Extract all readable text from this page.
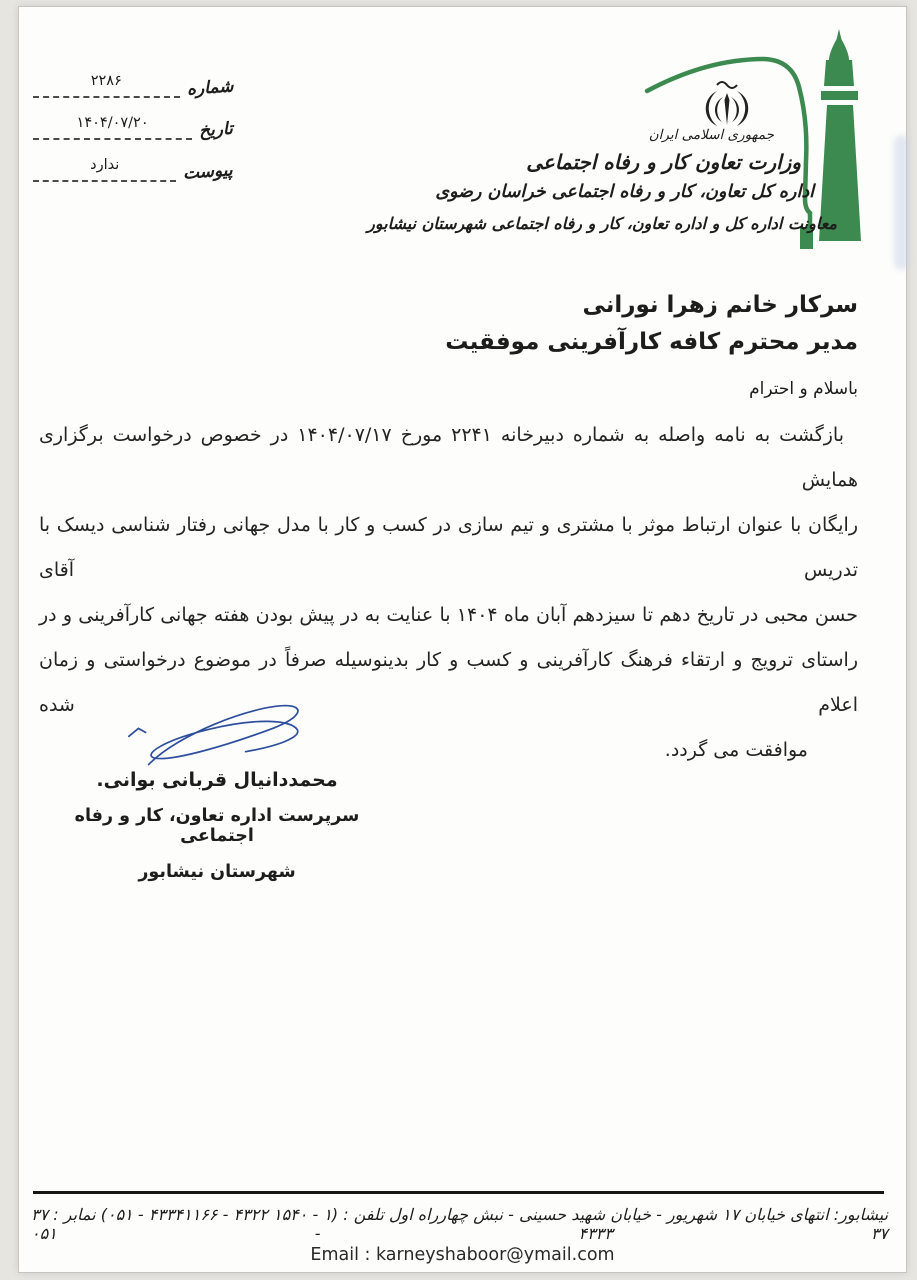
شماره
۲۲۸۶
تاریخ
۱۴۰۴/۰۷/۲۰
پیوست
ندارد
جمهوری اسلامی ایران
وزارت تعاون کار و رفاه اجتماعی
اداره کل تعاون، کار و رفاه اجتماعی خراسان رضوی
معاونت اداره کل و اداره تعاون، کار و رفاه اجتماعی شهرستان نیشابور
سرکار خانم زهرا نورانی
مدیر محترم کافه کارآفرینی موفقیت
باسلام و احترام
بازگشت به نامه واصله به شماره دبیرخانه ۲۲۴۱ مورخ ۱۴۰۴/۰۷/۱۷ در خصوص درخواست برگزاری همایش
رایگان با عنوان ارتباط موثر با مشتری و تیم سازی در کسب و کار با مدل جهانی رفتار شناسی دیسک با تدریس آقای
حسن محبی در تاریخ دهم تا سیزدهم آبان ماه ۱۴۰۴ با عنایت به در پیش بودن هفته جهانی کارآفرینی و در
راستای ترویج و ارتقاء فرهنگ کارآفرینی و کسب و کار بدینوسیله صرفاً در موضوع درخواستی و زمان اعلام شده
موافقت می گردد.
محمددانیال قربانی بوانی.
سرپرست اداره تعاون، کار و رفاه اجتماعی
شهرستان نیشابور
نیشابور: انتهای خیابان ۱۷ شهریور - خیابان شهید حسینی - نبش چهارراه اول تلفن : (۱ - ۱۵۴۰ ۴۳۲۲ - ۴۳۳۴۱۱۶۶ - ۰۵۱) نمابر : ۳۷ ۳۷ ۴۳۳۳ - ۰۵۱
Email : karneyshaboor@ymail.com
